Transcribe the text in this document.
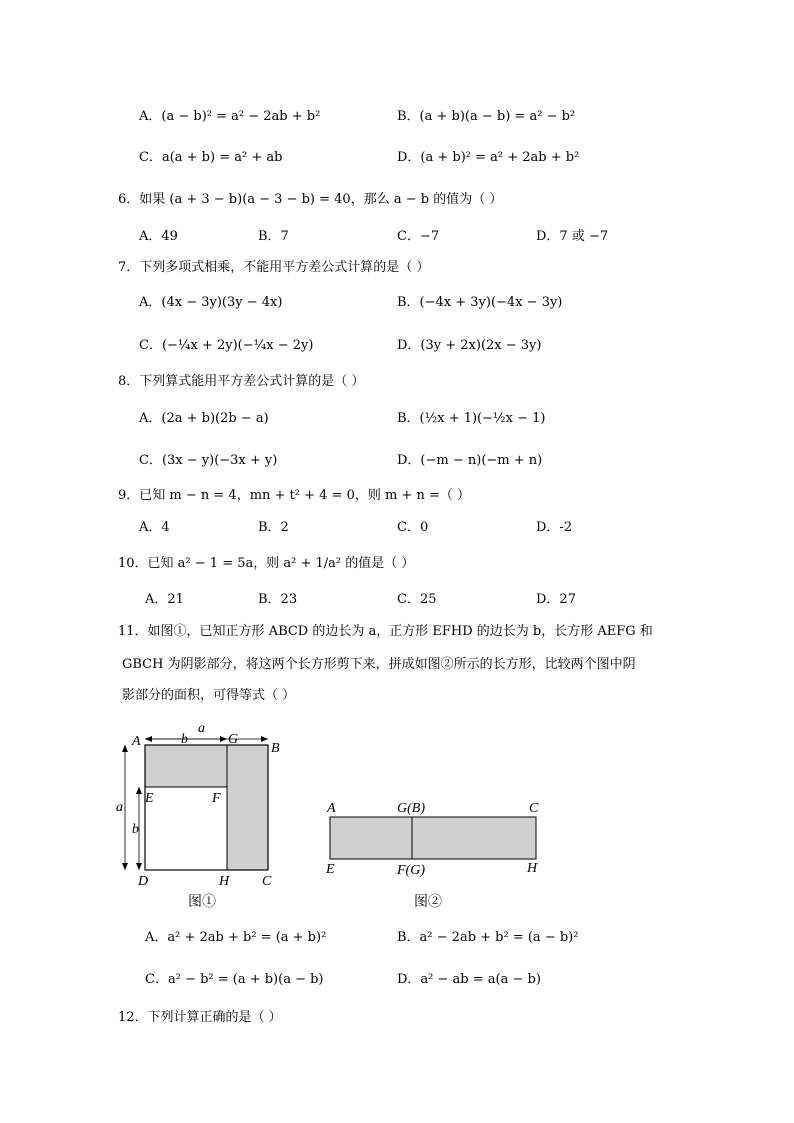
A．(a − b)² = a² − 2ab + b²	B．(a + b)(a − b) = a² − b²
C．a(a + b) = a² + ab	D．(a + b)² = a² + 2ab + b²
6．如果 (a + 3 − b)(a − 3 − b) = 40，那么 a − b 的值为（ ）
A．49	B．7	C．−7	D．7 或 −7
7．下列多项式相乘，不能用平方差公式计算的是（ ）
A．(4x − 3y)(3y − 4x)	B．(−4x + 3y)(−4x − 3y)
C．(−¼x + 2y)(−¼x − 2y)	D．(3y + 2x)(2x − 3y)
8．下列算式能用平方差公式计算的是（ ）
A．(2a + b)(2b − a)	B．(½x + 1)(−½x − 1)
C．(3x − y)(−3x + y)	D．(−m − n)(−m + n)
9．已知 m − n = 4，mn + t² + 4 = 0，则 m + n =（ ）
A．4	B．2	C．0	D．-2
10．已知 a² − 1 = 5a，则 a² + 1/a² 的值是（ ）
A．21	B．23	C．25	D．27
11．如图①，已知正方形 ABCD 的边长为 a，正方形 EFHD 的边长为 b，长方形 AEFG 和
GBCH 为阴影部分，将这两个长方形剪下来，拼成如图②所示的长方形，比较两个图中阴
影部分的面积，可得等式（ ）
a
b
A	G
B
E	F
a
b
D	H C
图①
A	G(B)	C
E	F(G)	H
图②
A．a² + 2ab + b² = (a + b)²	B．a² − 2ab + b² = (a − b)²
C．a² − b² = (a + b)(a − b)	D．a² − ab = a(a − b)
12．下列计算正确的是（ ）
